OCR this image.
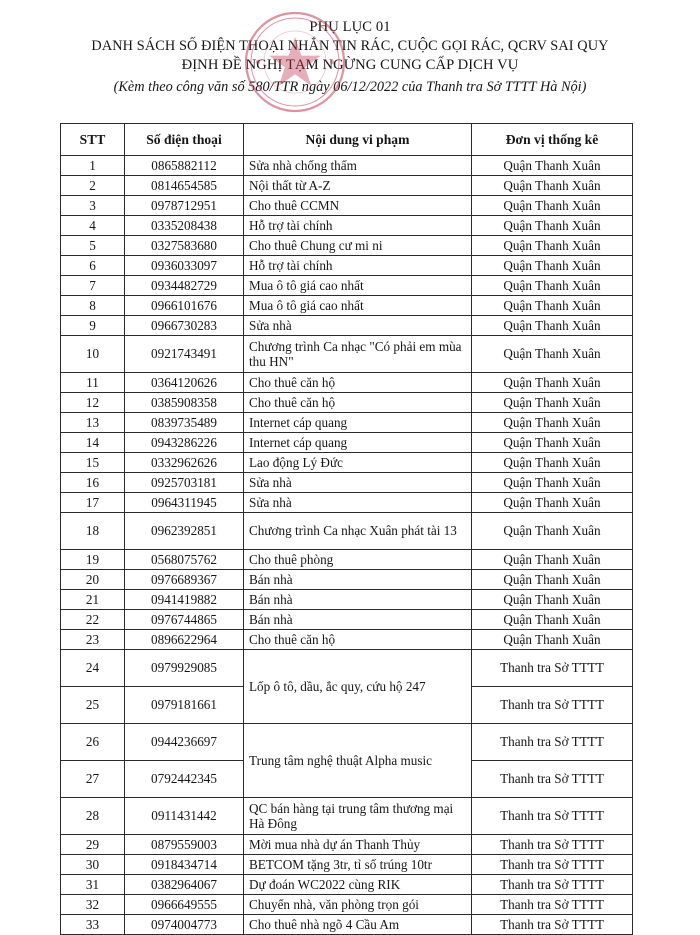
PHỤ LỤC 01
DANH SÁCH SỐ ĐIỆN THOẠI NHẮN TIN RÁC, CUỘC GỌI RÁC, QCRV SAI QUY
ĐỊNH ĐỀ NGHỊ TẠM NGỪNG CUNG CẤP DỊCH VỤ
(Kèm theo công văn số 580/TTR ngày 06/12/2022 của Thanh tra Sở TTTT Hà Nội)
STT	Số điện thoại	Nội dung vi phạm	Đơn vị thống kê
1	0865882112	Sửa nhà chống thấm	Quận Thanh Xuân
2	0814654585	Nội thất từ A-Z	Quận Thanh Xuân
3	0978712951	Cho thuê CCMN	Quận Thanh Xuân
4	0335208438	Hỗ trợ tài chính	Quận Thanh Xuân
5	0327583680	Cho thuê Chung cư mi ni	Quận Thanh Xuân
6	0936033097	Hỗ trợ tài chính	Quận Thanh Xuân
7	0934482729	Mua ô tô giá cao nhất	Quận Thanh Xuân
8	0966101676	Mua ô tô giá cao nhất	Quận Thanh Xuân
9	0966730283	Sửa nhà	Quận Thanh Xuân
10	0921743491	Chương trình Ca nhạc "Có phải em mùa thu HN"	Quận Thanh Xuân
11	0364120626	Cho thuê căn hộ	Quận Thanh Xuân
12	0385908358	Cho thuê căn hộ	Quận Thanh Xuân
13	0839735489	Internet cáp quang	Quận Thanh Xuân
14	0943286226	Internet cáp quang	Quận Thanh Xuân
15	0332962626	Lao động Lý Đức	Quận Thanh Xuân
16	0925703181	Sửa nhà	Quận Thanh Xuân
17	0964311945	Sửa nhà	Quận Thanh Xuân
18	0962392851	Chương trình Ca nhạc Xuân phát tài 13	Quận Thanh Xuân
19	0568075762	Cho thuê phòng	Quận Thanh Xuân
20	0976689367	Bán nhà	Quận Thanh Xuân
21	0941419882	Bán nhà	Quận Thanh Xuân
22	0976744865	Bán nhà	Quận Thanh Xuân
23	0896622964	Cho thuê căn hộ	Quận Thanh Xuân
24	0979929085	Lốp ô tô, dầu, ắc quy, cứu hộ 247	Thanh tra Sở TTTT
25	0979181661		Thanh tra Sở TTTT
26	0944236697	Trung tâm nghệ thuật Alpha music	Thanh tra Sở TTTT
27	0792442345		Thanh tra Sở TTTT
28	0911431442	QC bán hàng tại trung tâm thương mại Hà Đông	Thanh tra Sở TTTT
29	0879559003	Mời mua nhà dự án Thanh Thủy	Thanh tra Sở TTTT
30	0918434714	BETCOM tặng 3tr, tỉ số trúng 10tr	Thanh tra Sở TTTT
31	0382964067	Dự đoán WC2022 cùng RIK	Thanh tra Sở TTTT
32	0966649555	Chuyển nhà, văn phòng trọn gói	Thanh tra Sở TTTT
33	0974004773	Cho thuê nhà ngõ 4 Cầu Am	Thanh tra Sở TTTT
